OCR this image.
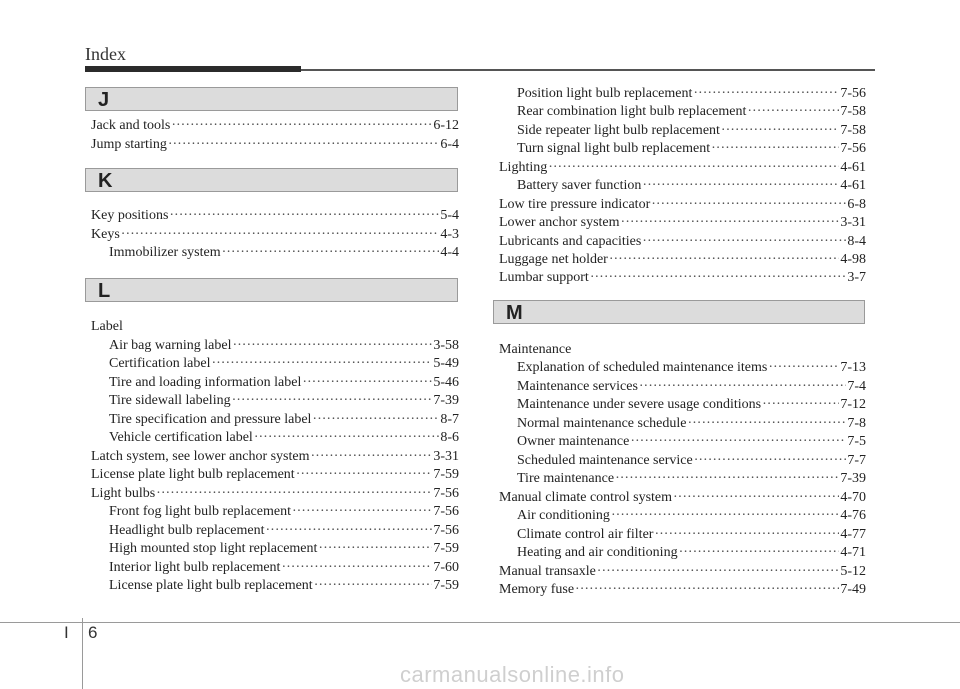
Index
J
Jack and tools ·····	6-12
Jump starting ·····	6-4
K
Key positions ·····	5-4
Keys ·····	4-3
Immobilizer system ·····	4-4
L
Label
Air bag warning label ·····	3-58
Certification label ·····	5-49
Tire and loading information label ·····	5-46
Tire sidewall labeling ·····	7-39
Tire specification and pressure label ·····	8-7
Vehicle certification label ·····	8-6
Latch system, see lower anchor system ·····	3-31
License plate light bulb replacement ·····	7-59
Light bulbs ·····	7-56
Front fog light bulb replacement ·····	7-56
Headlight bulb replacement ·····	7-56
High mounted stop light replacement ·····	7-59
Interior light bulb replacement ·····	7-60
License plate light bulb replacement ·····	7-59
Position light bulb replacement ·····	7-56
Rear combination light bulb replacement ·····	7-58
Side repeater light bulb replacement ·····	7-58
Turn signal light bulb replacement ·····	7-56
Lighting ·····	4-61
Battery saver function ·····	4-61
Low tire pressure indicator ·····	6-8
Lower anchor system ·····	3-31
Lubricants and capacities ·····	8-4
Luggage net holder ·····	4-98
Lumbar support ·····	3-7
M
Maintenance
Explanation of scheduled maintenance items ·····	7-13
Maintenance services ·····	7-4
Maintenance under severe usage conditions ·····	7-12
Normal maintenance schedule ·····	7-8
Owner maintenance ·····	7-5
Scheduled maintenance service ·····	7-7
Tire maintenance ·····	7-39
Manual climate control system ·····	4-70
Air conditioning ·····	4-76
Climate control air filter ·····	4-77
Heating and air conditioning ·····	4-71
Manual transaxle ·····	5-12
Memory fuse ·····	7-49
I 6
carmanualsonline.info
